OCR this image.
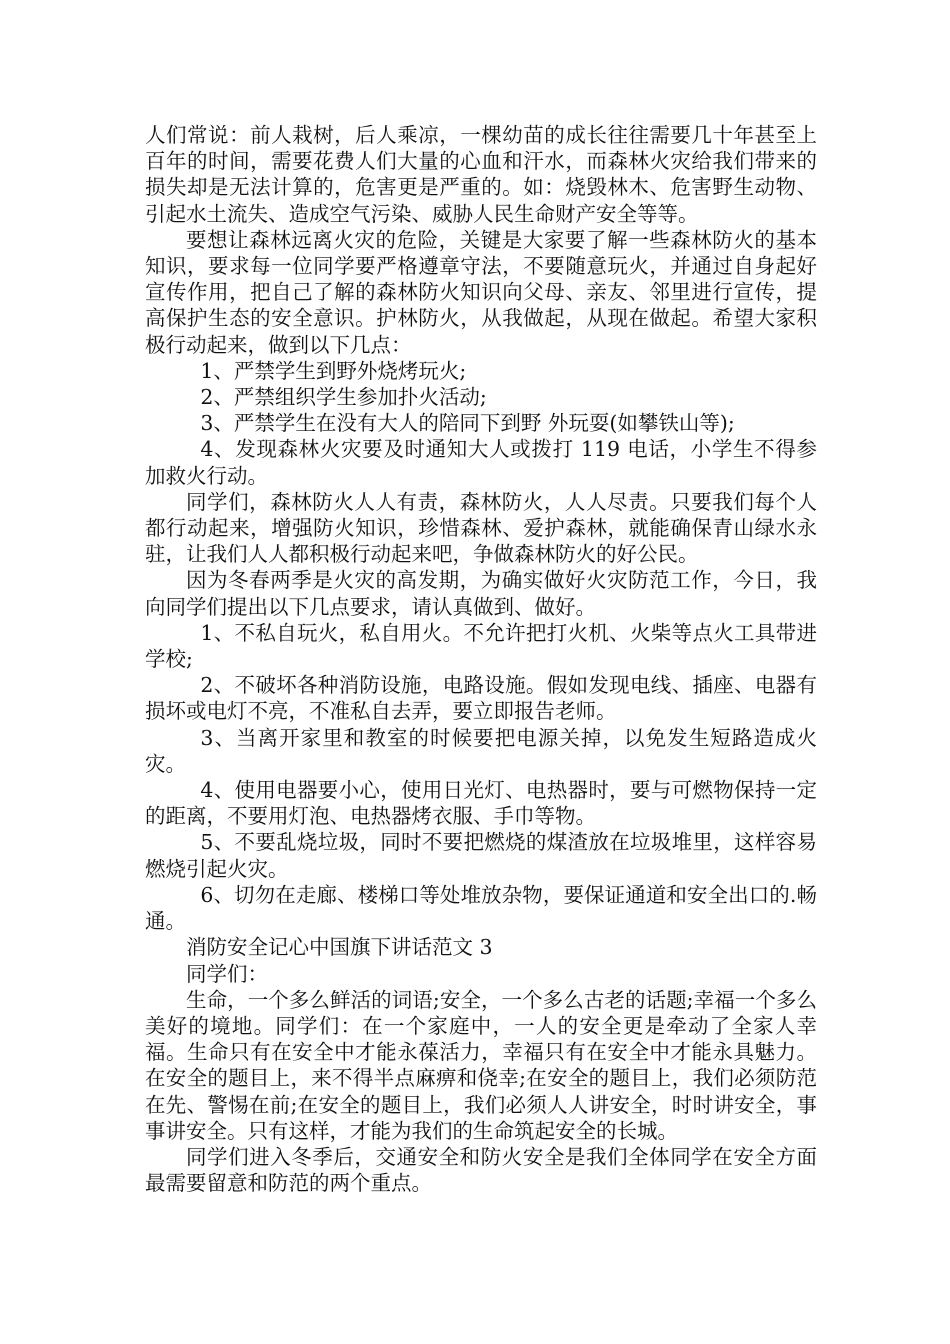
人们常说：前人栽树，后人乘凉，一棵幼苗的成长往往需要几十年甚至上百年的时间，需要花费人们大量的心血和汗水，而森林火灾给我们带来的损失却是无法计算的，危害更是严重的。如：烧毁林木、危害野生动物、引起水土流失、造成空气污染、威胁人民生命财产安全等等。

要想让森林远离火灾的危险，关键是大家要了解一些森林防火的基本知识，要求每一位同学要严格遵章守法，不要随意玩火，并通过自身起好宣传作用，把自己了解的森林防火知识向父母、亲友、邻里进行宣传，提高保护生态的安全意识。护林防火，从我做起，从现在做起。希望大家积极行动起来，做到以下几点：

1、严禁学生到野外烧烤玩火;

2、严禁组织学生参加扑火活动;

3、严禁学生在没有大人的陪同下到野 外玩耍(如攀铁山等);

4、发现森林火灾要及时通知大人或拨打 119 电话，小学生不得参加救火行动。

同学们，森林防火人人有责，森林防火，人人尽责。只要我们每个人都行动起来，增强防火知识，珍惜森林、爱护森林，就能确保青山绿水永驻，让我们人人都积极行动起来吧，争做森林防火的好公民。

因为冬春两季是火灾的高发期，为确实做好火灾防范工作，今日，我向同学们提出以下几点要求，请认真做到、做好。

1、不私自玩火，私自用火。不允许把打火机、火柴等点火工具带进学校;

2、不破坏各种消防设施，电路设施。假如发现电线、插座、电器有损坏或电灯不亮，不准私自去弄，要立即报告老师。

3、当离开家里和教室的时候要把电源关掉，以免发生短路造成火灾。

4、使用电器要小心，使用日光灯、电热器时，要与可燃物保持一定的距离，不要用灯泡、电热器烤衣服、手巾等物。

5、不要乱烧垃圾，同时不要把燃烧的煤渣放在垃圾堆里，这样容易燃烧引起火灾。

6、切勿在走廊、楼梯口等处堆放杂物，要保证通道和安全出口的.畅通。

消防安全记心中国旗下讲话范文 3

同学们：

生命，一个多么鲜活的词语;安全，一个多么古老的话题;幸福一个多么美好的境地。同学们：在一个家庭中，一人的安全更是牵动了全家人幸福。生命只有在安全中才能永葆活力，幸福只有在安全中才能永具魅力。在安全的题目上，来不得半点麻痹和侥幸;在安全的题目上，我们必须防范在先、警惕在前;在安全的题目上，我们必须人人讲安全，时时讲安全，事事讲安全。只有这样，才能为我们的生命筑起安全的长城。

同学们进入冬季后，交通安全和防火安全是我们全体同学在安全方面最需要留意和防范的两个重点。
